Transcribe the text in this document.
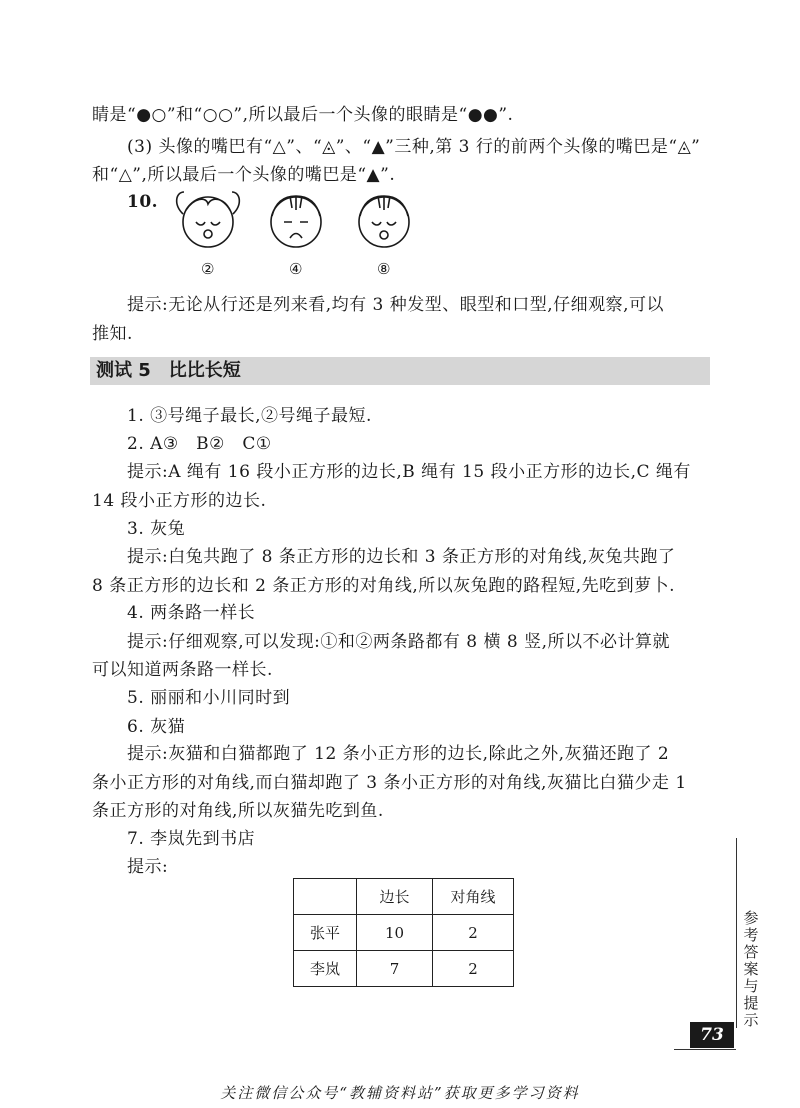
睛是“●○”和“○○”,所以最后一个头像的眼睛是“●●”.
(3) 头像的嘴巴有“△”、“◬”、“▲”三种,第 3 行的前两个头像的嘴巴是“◬”
和“△”,所以最后一个头像的嘴巴是“▲”.
10.
②	④	⑧
提示:无论从行还是列来看,均有 3 种发型、眼型和口型,仔细观察,可以
推知.
测试 5　比比长短
1. ③号绳子最长,②号绳子最短.
2. A③　B②　C①
提示:A 绳有 16 段小正方形的边长,B 绳有 15 段小正方形的边长,C 绳有
14 段小正方形的边长.
3. 灰兔
提示:白兔共跑了 8 条正方形的边长和 3 条正方形的对角线,灰兔共跑了
8 条正方形的边长和 2 条正方形的对角线,所以灰兔跑的路程短,先吃到萝卜.
4. 两条路一样长
提示:仔细观察,可以发现:①和②两条路都有 8 横 8 竖,所以不必计算就
可以知道两条路一样长.
5. 丽丽和小川同时到
6. 灰猫
提示:灰猫和白猫都跑了 12 条小正方形的边长,除此之外,灰猫还跑了 2
条小正方形的对角线,而白猫却跑了 3 条小正方形的对角线,灰猫比白猫少走 1
条正方形的对角线,所以灰猫先吃到鱼.
7. 李岚先到书店
提示:
	边长	对角线
张平	10	2
李岚	7	2
参考答案与提示
73
关注微信公众号“教辅资料站”获取更多学习资料
